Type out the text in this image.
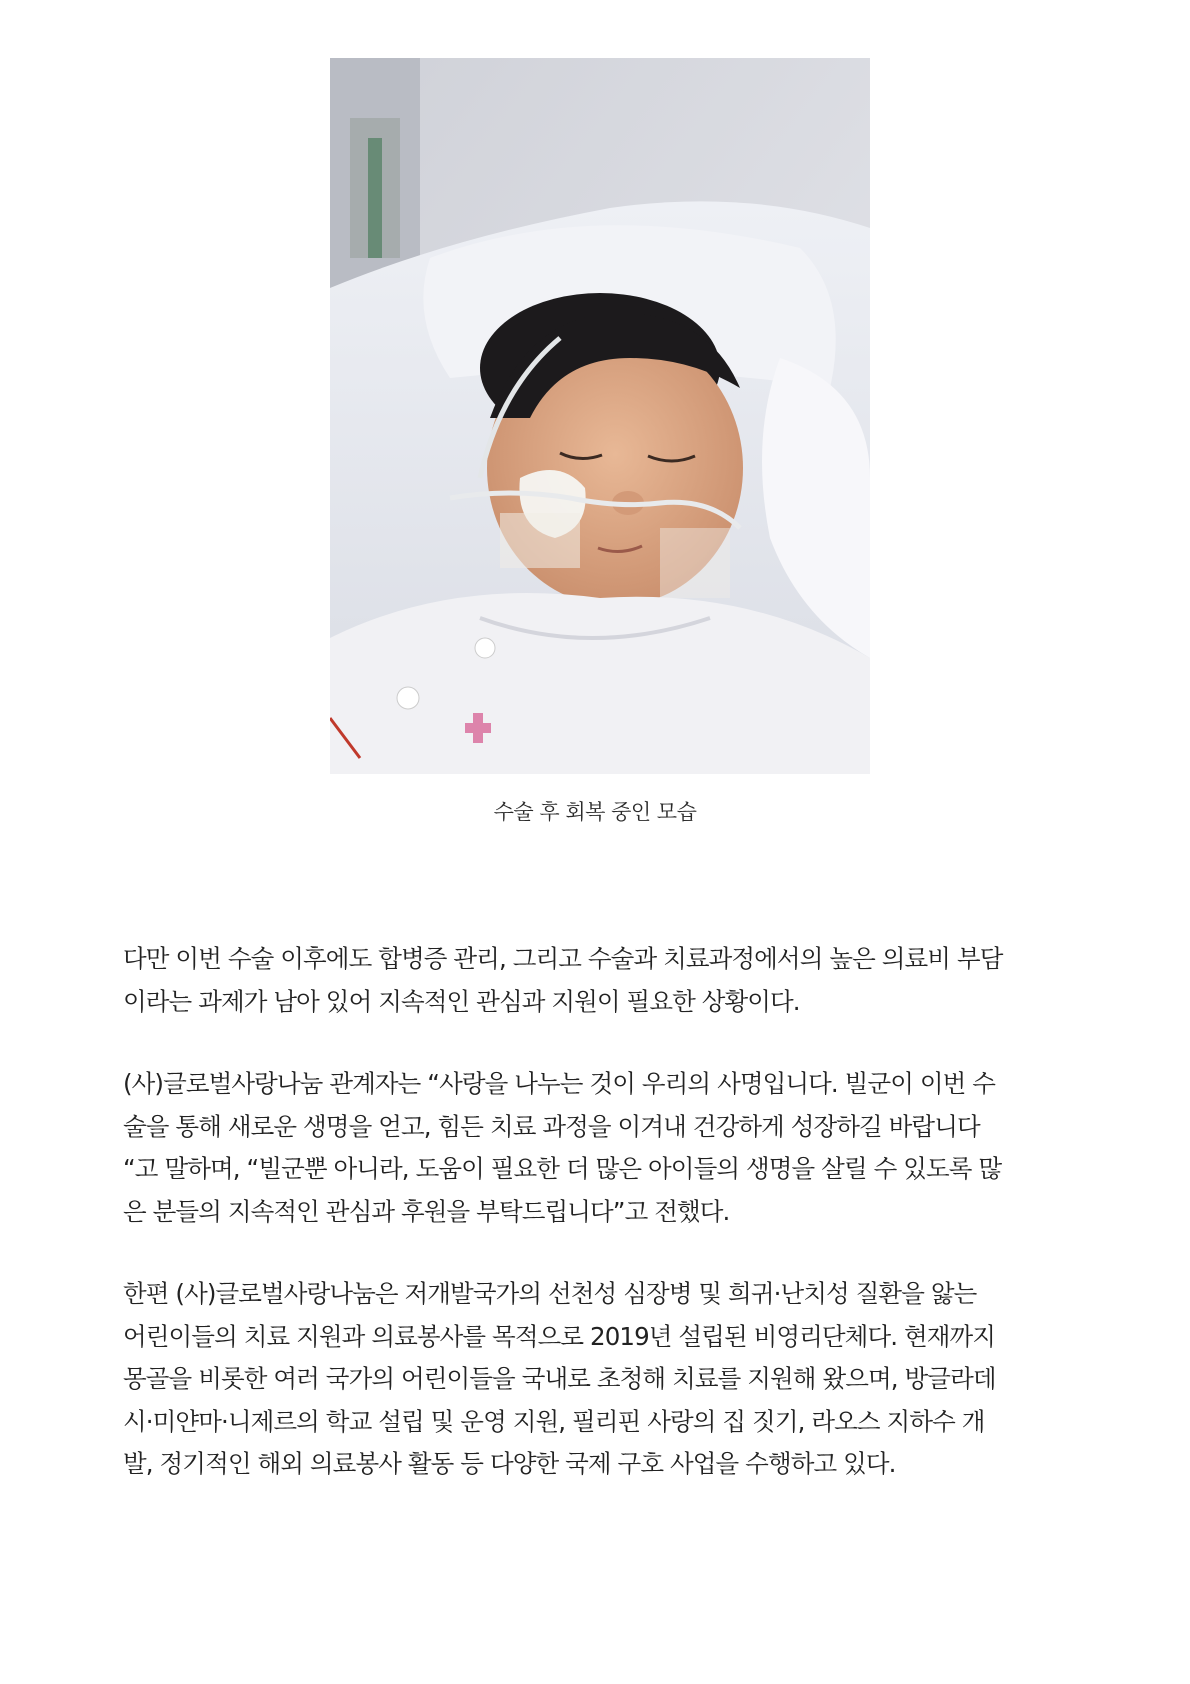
수술 후 회복 중인 모습

다만 이번 수술 이후에도 합병증 관리, 그리고 수술과 치료과정에서의 높은 의료비 부담
이라는 과제가 남아 있어 지속적인 관심과 지원이 필요한 상황이다.

(사)글로벌사랑나눔 관계자는 “사랑을 나누는 것이 우리의 사명입니다. 빌군이 이번 수
술을 통해 새로운 생명을 얻고, 힘든 치료 과정을 이겨내 건강하게 성장하길 바랍니다
“고 말하며, “빌군뿐 아니라, 도움이 필요한 더 많은 아이들의 생명을 살릴 수 있도록 많
은 분들의 지속적인 관심과 후원을 부탁드립니다”고 전했다.

한편 (사)글로벌사랑나눔은 저개발국가의 선천성 심장병 및 희귀·난치성 질환을 앓는
어린이들의 치료 지원과 의료봉사를 목적으로 2019년 설립된 비영리단체다. 현재까지
몽골을 비롯한 여러 국가의 어린이들을 국내로 초청해 치료를 지원해 왔으며, 방글라데
시·미얀마·니제르의 학교 설립 및 운영 지원, 필리핀 사랑의 집 짓기, 라오스 지하수 개
발, 정기적인 해외 의료봉사 활동 등 다양한 국제 구호 사업을 수행하고 있다.
